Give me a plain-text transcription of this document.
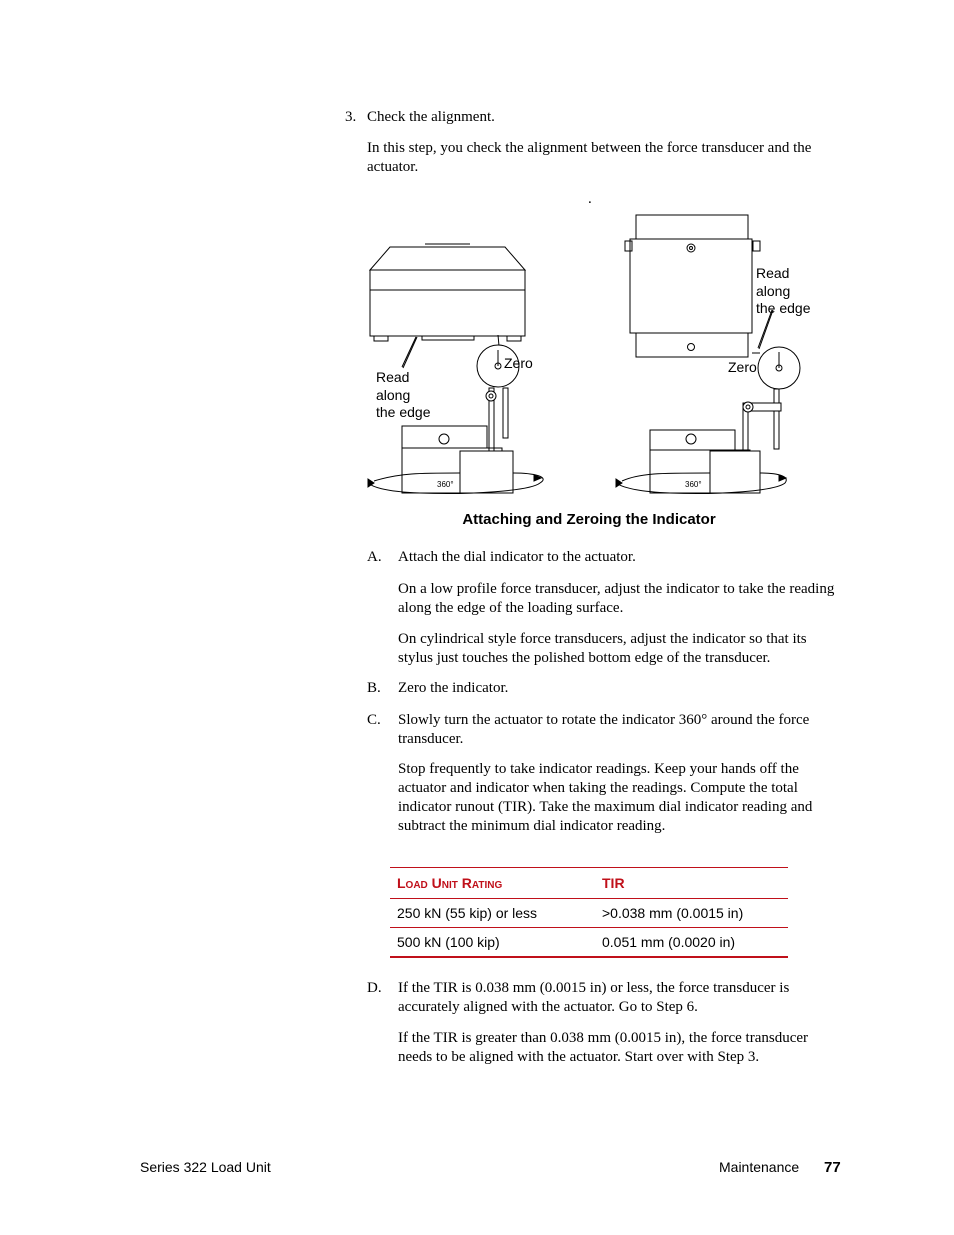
3. Check the alignment.
In this step, you check the alignment between the force transducer and the actuator.
.
Zero
Read
along
the edge
360°
Zero
Read
along
the edge
360°
Attaching and Zeroing the Indicator
A. Attach the dial indicator to the actuator.
On a low profile force transducer, adjust the indicator to take the reading along the edge of the loading surface.
On cylindrical style force transducers, adjust the indicator so that its stylus just touches the polished bottom edge of the transducer.
B. Zero the indicator.
C. Slowly turn the actuator to rotate the indicator 360° around the force transducer.
Stop frequently to take indicator readings. Keep your hands off the actuator and indicator when taking the readings. Compute the total indicator runout (TIR). Take the maximum dial indicator reading and subtract the minimum dial indicator reading.
Load Unit Rating	TIR
250 kN (55 kip) or less	>0.038 mm (0.0015 in)
500 kN (100 kip)	0.051 mm (0.0020 in)
D. If the TIR is 0.038 mm (0.0015 in) or less, the force transducer is accurately aligned with the actuator. Go to Step 6.
If the TIR is greater than 0.038 mm (0.0015 in), the force transducer needs to be aligned with the actuator. Start over with Step 3.
Series 322 Load Unit	Maintenance 77
